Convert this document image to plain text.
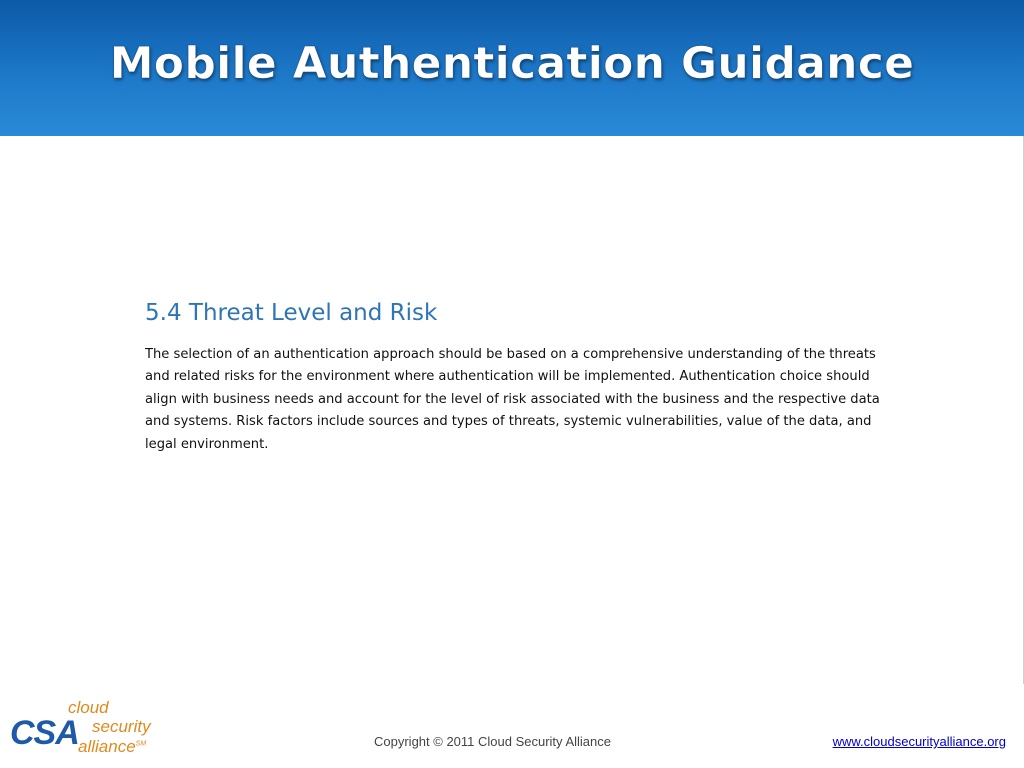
Mobile Authentication Guidance
5.4 Threat Level and Risk
The selection of an authentication approach should be based on a comprehensive understanding of the threats
and related risks for the environment where authentication will be implemented. Authentication choice should
align with business needs and account for the level of risk associated with the business and the respective data
and systems. Risk factors include sources and types of threats, systemic vulnerabilities, value of the data, and
legal environment.
CSA
cloud
security
alliance℠	Copyright © 2011 Cloud Security Alliance	www.cloudsecurityalliance.org
